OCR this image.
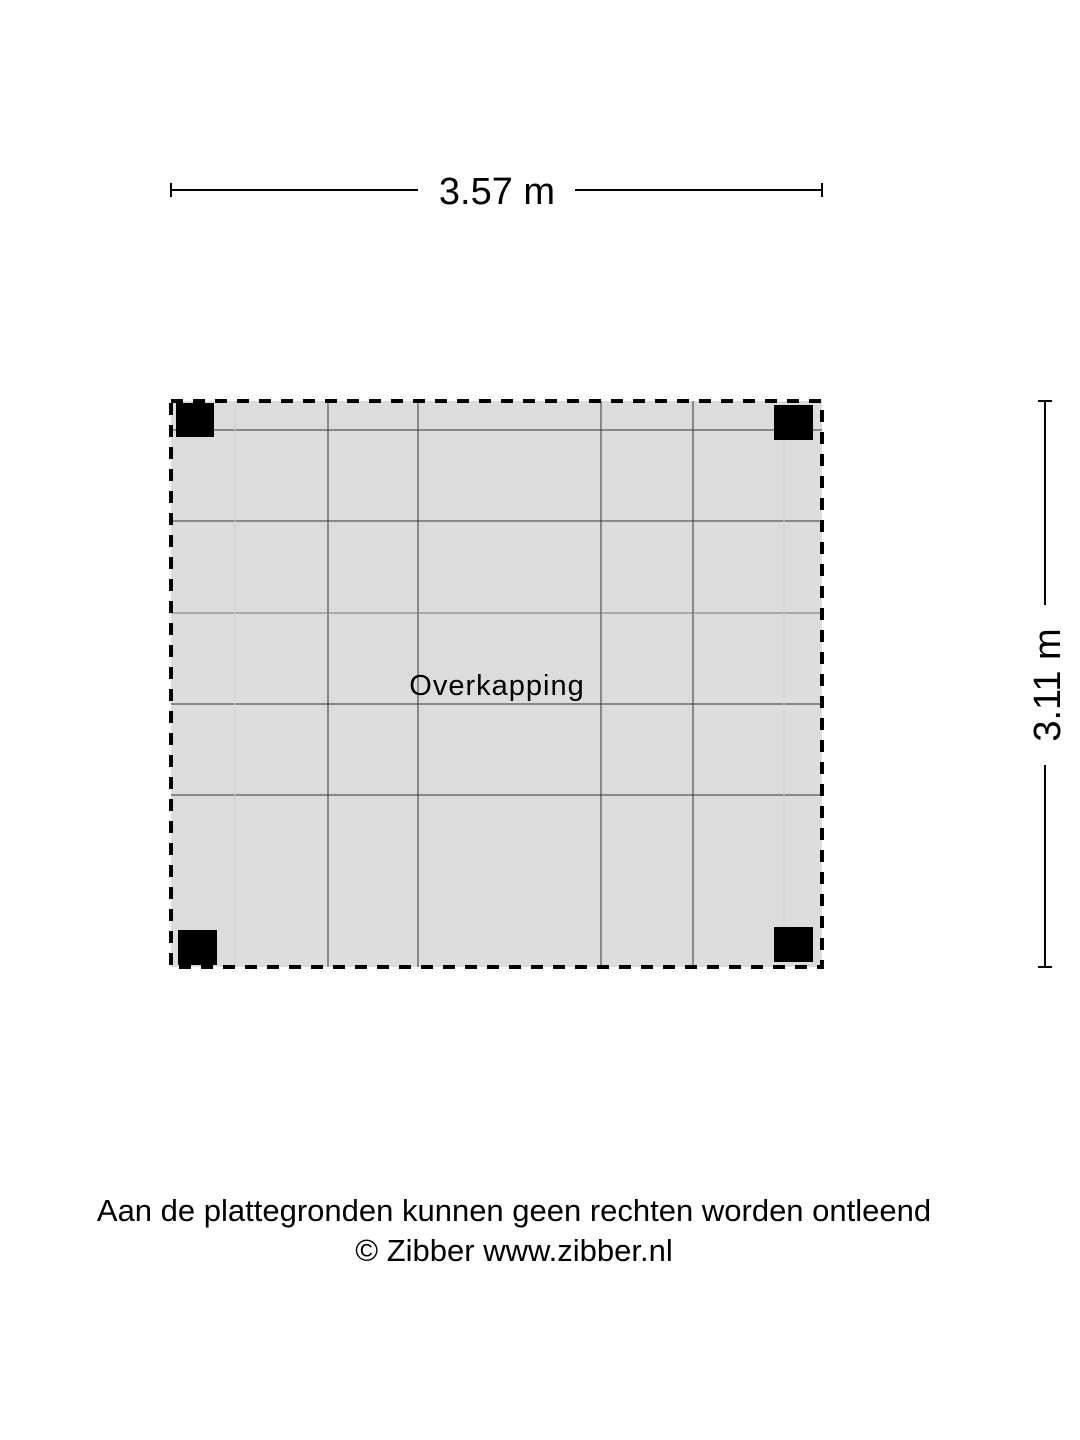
3.57 m
3.11 m
Overkapping
Aan de plattegronden kunnen geen rechten worden ontleend
© Zibber www.zibber.nl
